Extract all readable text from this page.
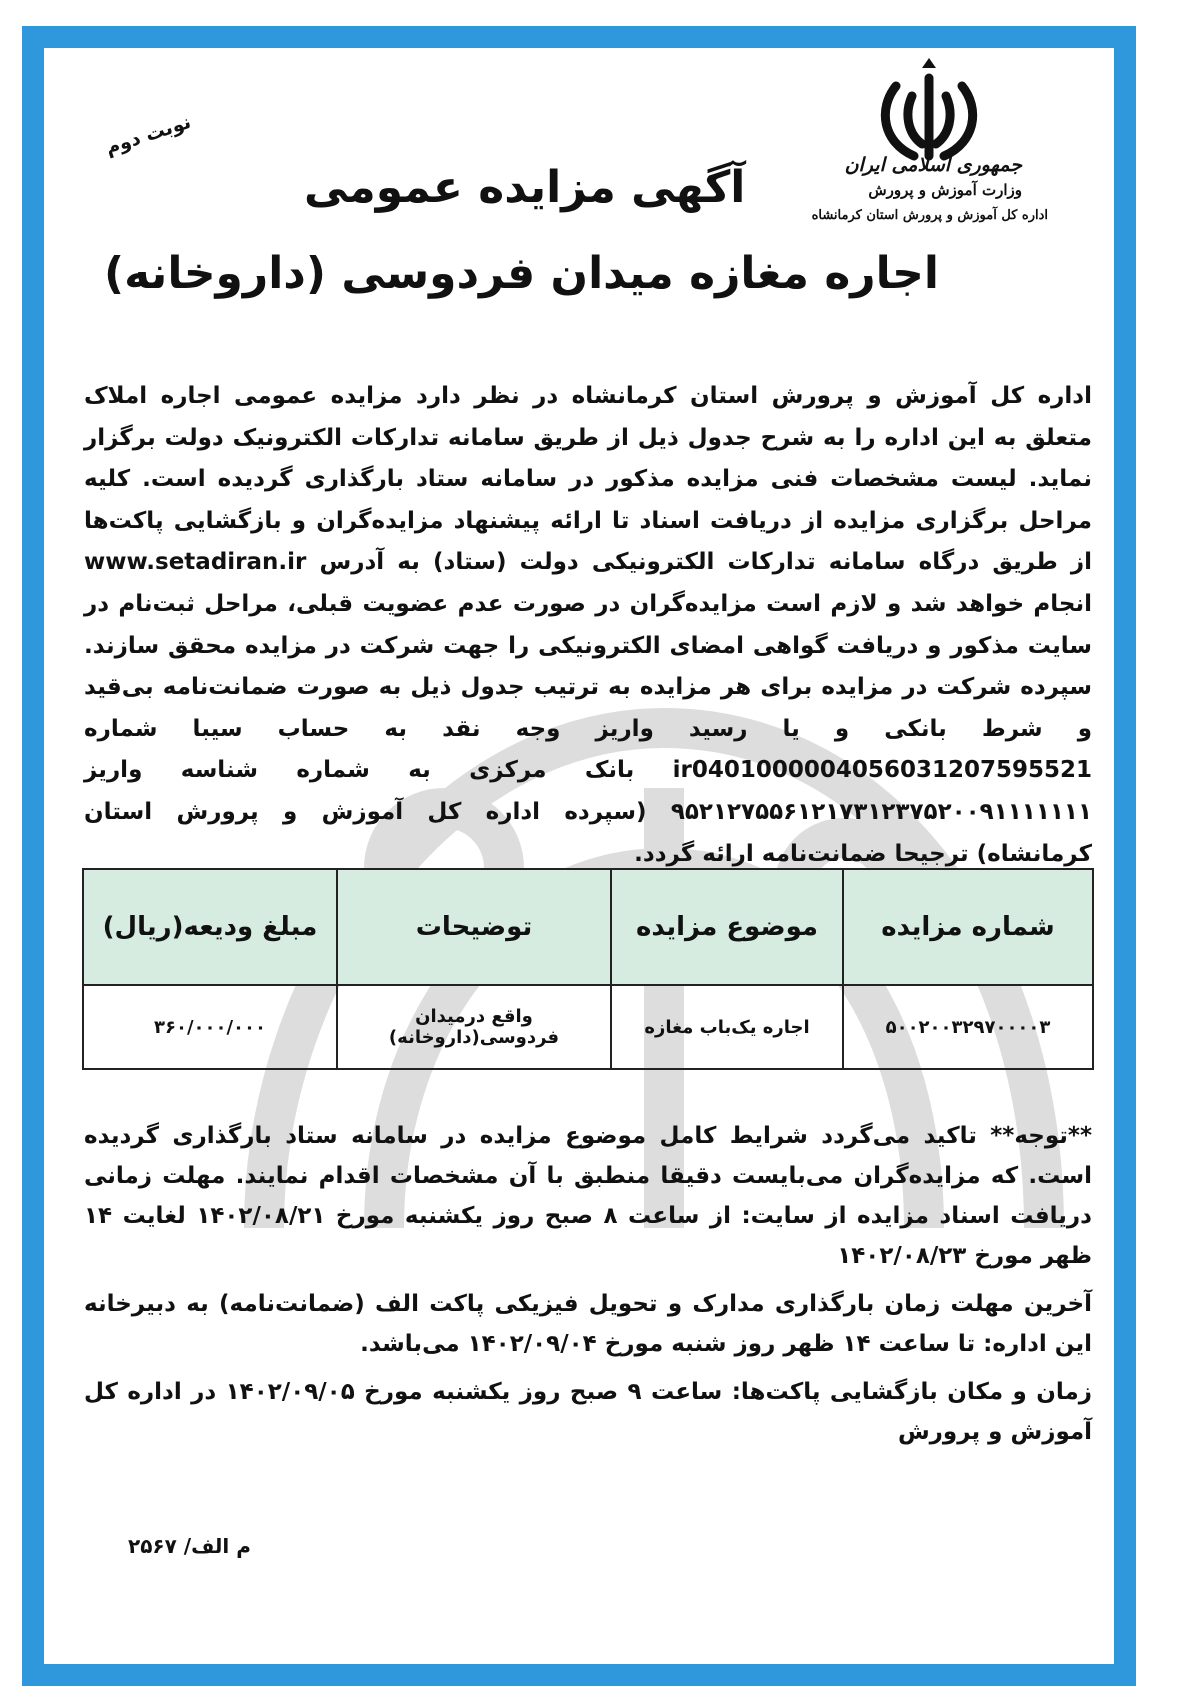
جمهوری اسلامی ایران
وزارت آموزش و پرورش
اداره کل آموزش و پرورش استان کرمانشاه
نوبت دوم
آگهی مزایده عمومی
اجاره مغازه میدان فردوسی (داروخانه)
اداره کل آموزش و پرورش استان کرمانشاه در نظر دارد مزایده عمومی اجاره املاک متعلق به این اداره را به شرح جدول ذیل از طریق سامانه تدارکات الکترونیک دولت برگزار نماید. لیست مشخصات فنی مزایده مذکور در سامانه ستاد بارگذاری گردیده است. کلیه مراحل برگزاری مزایده از دریافت اسناد تا ارائه پیشنهاد مزایده‌گران و بازگشایی پاکت‌ها از طریق درگاه سامانه تدارکات الکترونیکی دولت (ستاد) به آدرس www.setadiran.ir انجام خواهد شد و لازم است مزایده‌گران در صورت عدم عضویت قبلی، مراحل ثبت‌نام در سایت مذکور و دریافت گواهی امضای الکترونیکی را جهت شرکت در مزایده محقق سازند. سپرده شرکت در مزایده برای هر مزایده به ترتیب جدول ذیل به صورت ضمانت‌نامه بی‌قید و شرط بانکی و یا رسید واریز وجه نقد به حساب سیبا شماره ir040100000405603120759552‌1 بانک مرکزی به شماره شناسه واریز ۹۵۲۱۲۷۵۵۶۱۲۱۷۳۱۲۳۷۵۲۰۰۹۱۱۱۱۱۱۱ (سپرده اداره کل آموزش و پرورش استان کرمانشاه) ترجیحا ضمانت‌نامه ارائه گردد.
شماره مزایده	موضوع مزایده	توضیحات	مبلغ ودیعه(ریال)
۵۰۰۲۰۰۳۲۹۷۰۰۰۰۳	اجاره یک‌باب مغازه	واقع درمیدان فردوسی(داروخانه)	۳۶۰/۰۰۰/۰۰۰

**توجه** تاکید می‌گردد شرایط کامل موضوع مزایده در سامانه ستاد بارگذاری گردیده است. که مزایده‌گران می‌بایست دقیقا منطبق با آن مشخصات اقدام نمایند. مهلت زمانی دریافت اسناد مزایده از سایت: از ساعت ۸ صبح روز یکشنبه مورخ ۱۴۰۲/۰۸/۲۱ لغایت ۱۴ ظهر مورخ ۱۴۰۲/۰۸/۲۳

آخرین مهلت زمان بارگذاری مدارک و تحویل فیزیکی پاکت الف (ضمانت‌نامه) به دبیرخانه این اداره: تا ساعت ۱۴ ظهر روز شنبه مورخ ۱۴۰۲/۰۹/۰۴ می‌باشد.

زمان و مکان بازگشایی پاکت‌ها: ساعت ۹ صبح روز یکشنبه مورخ ۱۴۰۲/۰۹/۰۵ در اداره کل آموزش و پرورش

م الف/ ۲۵۶۷
